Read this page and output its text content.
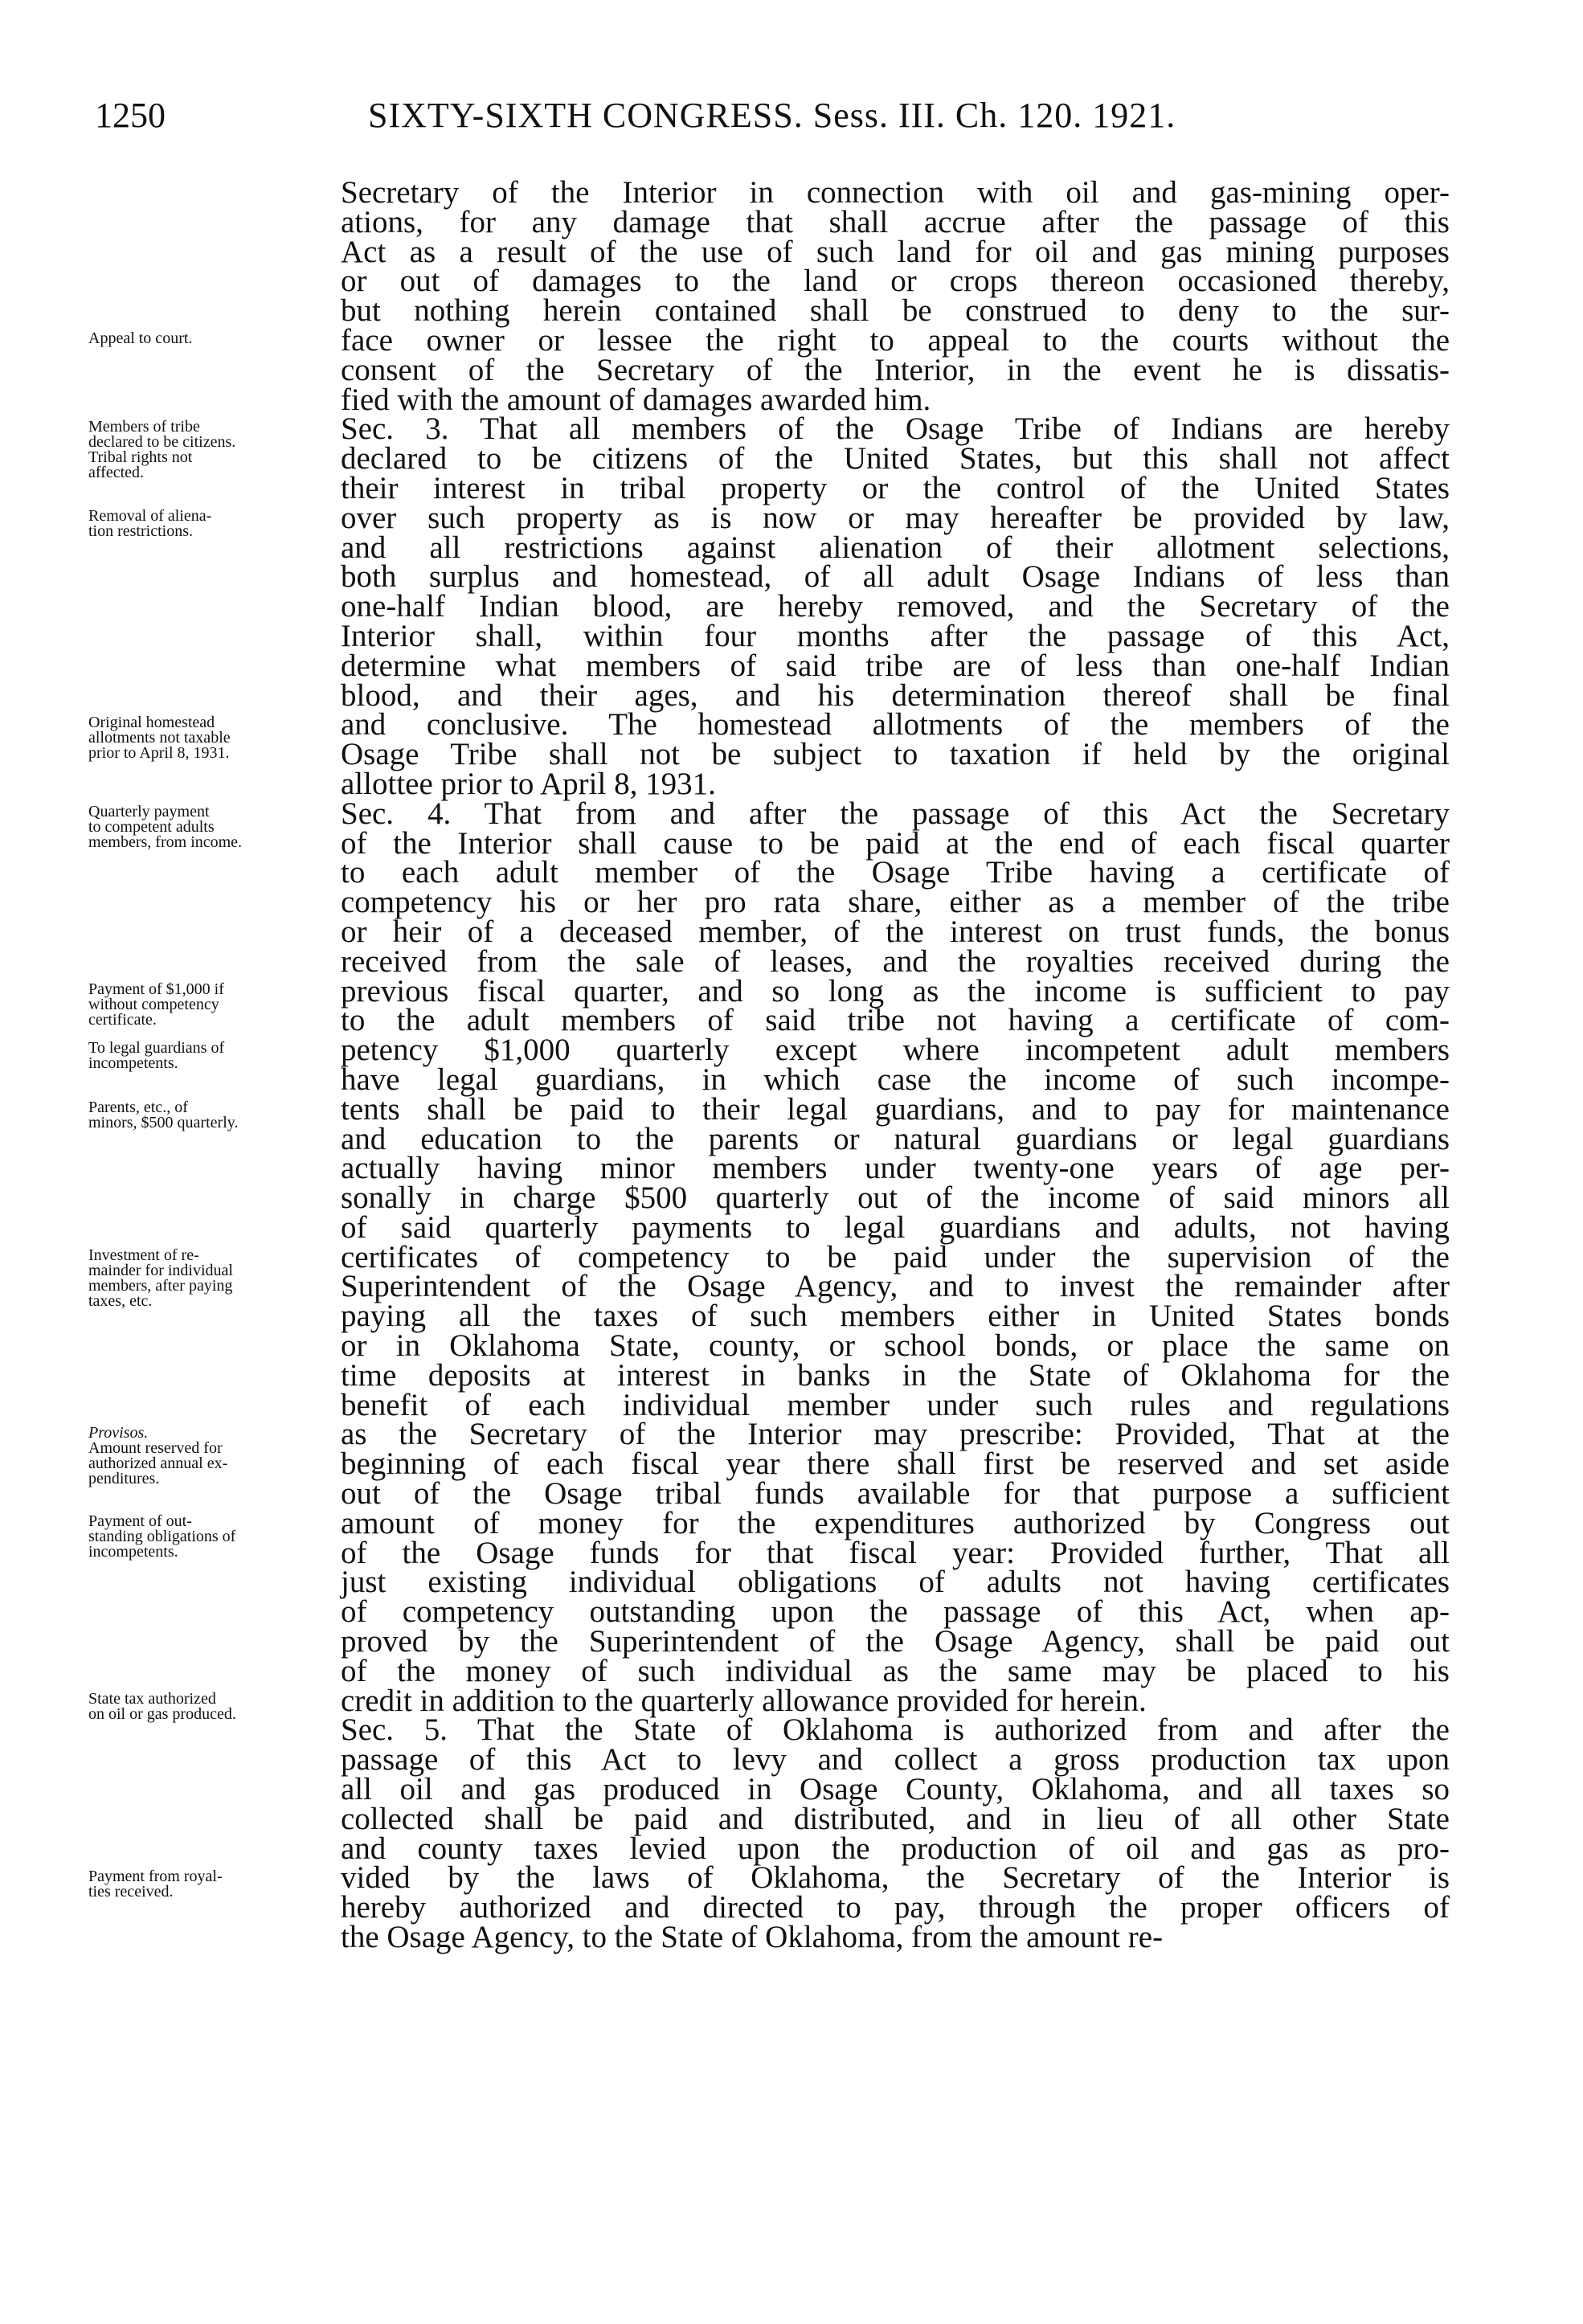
1250	SIXTY-SIXTH CONGRESS. Sess. III. Ch. 120. 1921.
Appeal to court.
Members of tribe
declared to be citizens.
Tribal rights not
affected.
Removal of aliena-
tion restrictions.
Original homestead
allotments not taxable
prior to April 8, 1931.
Quarterly payment
to competent adults
members, from income.
Payment of $1,000 if
without competency
certificate.
To legal guardians of
incompetents.
Parents, etc., of
minors, $500 quarterly.
Investment of re-
mainder for individual
members, after paying
taxes, etc.
Provisos.
Amount reserved for
authorized annual ex-
penditures.
Payment of out-
standing obligations of
incompetents.
State tax authorized
on oil or gas produced.
Payment from royal-
ties received.
Secretary of the Interior in connection with oil and gas-mining oper-
ations, for any damage that shall accrue after the passage of this
Act as a result of the use of such land for oil and gas mining purposes
or out of damages to the land or crops thereon occasioned thereby,
but nothing herein contained shall be construed to deny to the sur-
face owner or lessee the right to appeal to the courts without the
consent of the Secretary of the Interior, in the event he is dissatis-
fied with the amount of damages awarded him.
Sec. 3. That all members of the Osage Tribe of Indians are hereby
declared to be citizens of the United States, but this shall not affect
their interest in tribal property or the control of the United States
over such property as is now or may hereafter be provided by law,
and all restrictions against alienation of their allotment selections,
both surplus and homestead, of all adult Osage Indians of less than
one-half Indian blood, are hereby removed, and the Secretary of the
Interior shall, within four months after the passage of this Act,
determine what members of said tribe are of less than one-half Indian
blood, and their ages, and his determination thereof shall be final
and conclusive. The homestead allotments of the members of the
Osage Tribe shall not be subject to taxation if held by the original
allottee prior to April 8, 1931.
Sec. 4. That from and after the passage of this Act the Secretary
of the Interior shall cause to be paid at the end of each fiscal quarter
to each adult member of the Osage Tribe having a certificate of
competency his or her pro rata share, either as a member of the tribe
or heir of a deceased member, of the interest on trust funds, the bonus
received from the sale of leases, and the royalties received during the
previous fiscal quarter, and so long as the income is sufficient to pay
to the adult members of said tribe not having a certificate of com-
petency $1,000 quarterly except where incompetent adult members
have legal guardians, in which case the income of such incompe-
tents shall be paid to their legal guardians, and to pay for maintenance
and education to the parents or natural guardians or legal guardians
actually having minor members under twenty-one years of age per-
sonally in charge $500 quarterly out of the income of said minors all
of said quarterly payments to legal guardians and adults, not having
certificates of competency to be paid under the supervision of the
Superintendent of the Osage Agency, and to invest the remainder after
paying all the taxes of such members either in United States bonds
or in Oklahoma State, county, or school bonds, or place the same on
time deposits at interest in banks in the State of Oklahoma for the
benefit of each individual member under such rules and regulations
as the Secretary of the Interior may prescribe: Provided, That at the
beginning of each fiscal year there shall first be reserved and set aside
out of the Osage tribal funds available for that purpose a sufficient
amount of money for the expenditures authorized by Congress out
of the Osage funds for that fiscal year: Provided further, That all
just existing individual obligations of adults not having certificates
of competency outstanding upon the passage of this Act, when ap-
proved by the Superintendent of the Osage Agency, shall be paid out
of the money of such individual as the same may be placed to his
credit in addition to the quarterly allowance provided for herein.
Sec. 5. That the State of Oklahoma is authorized from and after the
passage of this Act to levy and collect a gross production tax upon
all oil and gas produced in Osage County, Oklahoma, and all taxes so
collected shall be paid and distributed, and in lieu of all other State
and county taxes levied upon the production of oil and gas as pro-
vided by the laws of Oklahoma, the Secretary of the Interior is
hereby authorized and directed to pay, through the proper officers of
the Osage Agency, to the State of Oklahoma, from the amount re-
